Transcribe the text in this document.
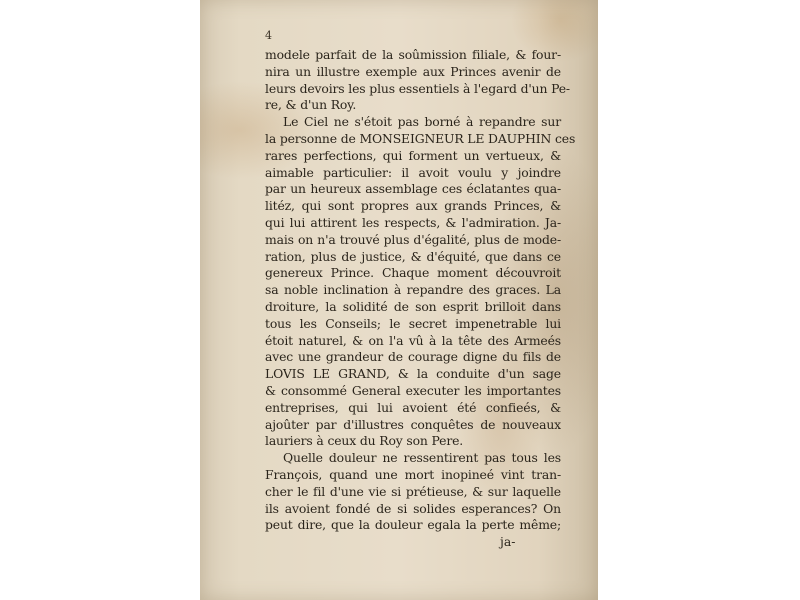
4
modele parfait de la soûmission filiale, & four-
nira un illustre exemple aux Princes avenir de
leurs devoirs les plus essentiels à l'egard d'un Pe-
re, & d'un Roy.
Le Ciel ne s'étoit pas borné à repandre sur
la personne de MONSEIGNEUR LE DAUPHIN ces
rares perfections, qui forment un vertueux, &
aimable particulier: il avoit voulu y joindre
par un heureux assemblage ces éclatantes qua-
litéz, qui sont propres aux grands Princes, &
qui lui attirent les respects, & l'admiration. Ja-
mais on n'a trouvé plus d'égalité, plus de mode-
ration, plus de justice, & d'équité, que dans ce
genereux Prince. Chaque moment découvroit
sa noble inclination à repandre des graces. La
droiture, la solidité de son esprit brilloit dans
tous les Conseils; le secret impenetrable lui
étoit naturel, & on l'a vû à la tête des Armeés
avec une grandeur de courage digne du fils de
LOVIS LE GRAND, & la conduite d'un sage
& consommé General executer les importantes
entreprises, qui lui avoient été confieés, &
ajoûter par d'illustres conquêtes de nouveaux
lauriers à ceux du Roy son Pere.
Quelle douleur ne ressentirent pas tous les
François, quand une mort inopineé vint tran-
cher le fil d'une vie si prétieuse, & sur laquelle
ils avoient fondé de si solides esperances? On
peut dire, que la douleur egala la perte même;
ja-
